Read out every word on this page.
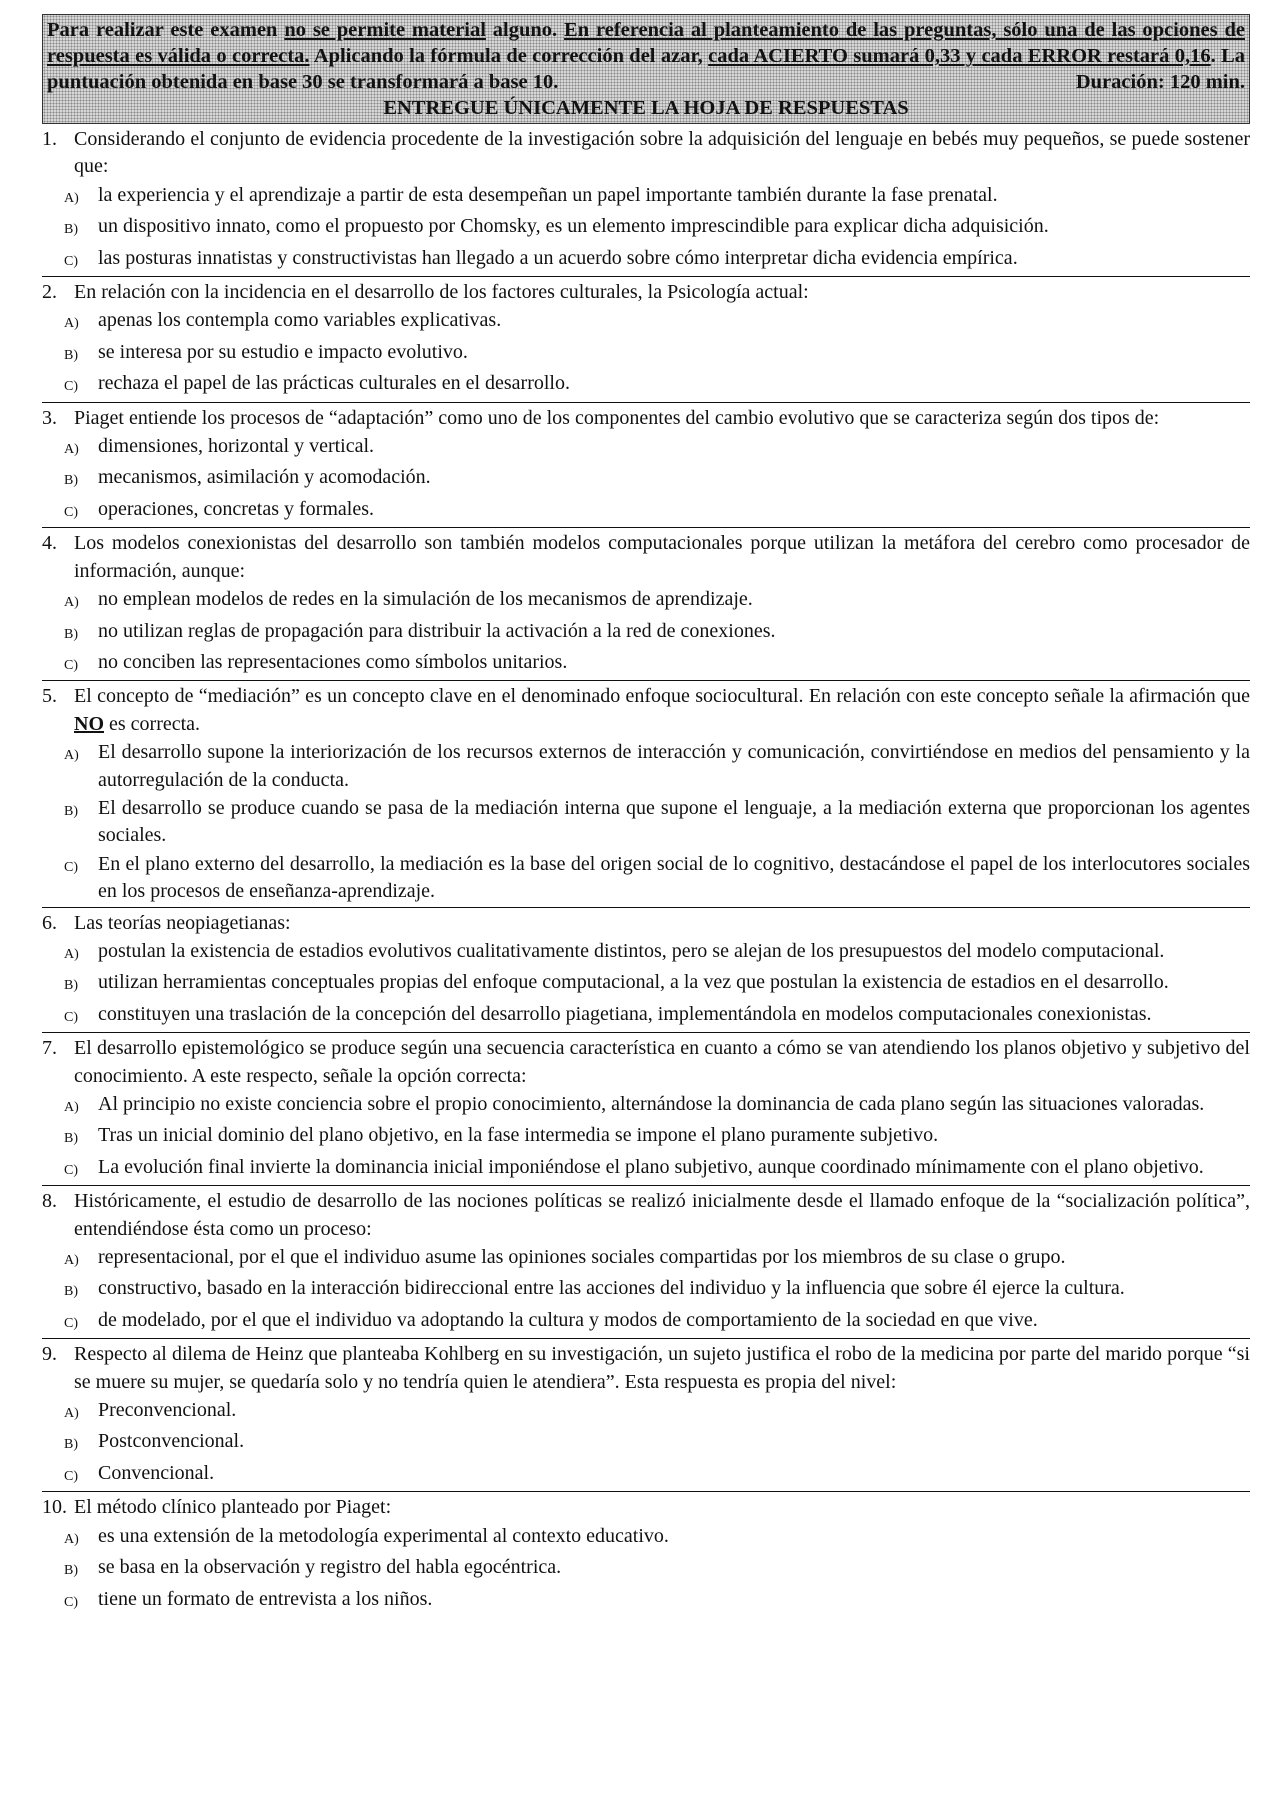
Para realizar este examen no se permite material alguno. En referencia al planteamiento de las preguntas, sólo una de las opciones de respuesta es válida o correcta. Aplicando la fórmula de corrección del azar, cada ACIERTO sumará 0,33 y cada ERROR restará 0,16. La puntuación obtenida en base 30 se transformará a base 10.	Duración: 120 min.
ENTREGUE ÚNICAMENTE LA HOJA DE RESPUESTAS
1. Considerando el conjunto de evidencia procedente de la investigación sobre la adquisición del lenguaje en bebés muy pequeños, se puede sostener que:
A) la experiencia y el aprendizaje a partir de esta desempeñan un papel importante también durante la fase prenatal.
B)	un dispositivo innato, como el propuesto por Chomsky, es un elemento imprescindible para explicar dicha adquisición.
C)	las posturas innatistas y constructivistas han llegado a un acuerdo sobre cómo interpretar dicha evidencia empírica.
2. En relación con la incidencia en el desarrollo de los factores culturales, la Psicología actual:
A) apenas los contempla como variables explicativas.
B)	se interesa por su estudio e impacto evolutivo.
C)	rechaza el papel de las prácticas culturales en el desarrollo.
3. Piaget entiende los procesos de “adaptación” como uno de los componentes del cambio evolutivo que se caracteriza según dos tipos de:
A) dimensiones, horizontal y vertical.
B)	mecanismos, asimilación y acomodación.
C)	operaciones, concretas y formales.
4. Los modelos conexionistas del desarrollo son también modelos computacionales porque utilizan la metáfora del cerebro como procesador de información, aunque:
A) no emplean modelos de redes en la simulación de los mecanismos de aprendizaje.
B)	no utilizan reglas de propagación para distribuir la activación a la red de conexiones.
C)	no conciben las representaciones como símbolos unitarios.
5. El concepto de “mediación” es un concepto clave en el denominado enfoque sociocultural. En relación con este concepto señale la afirmación que NO es correcta.
A) El desarrollo supone la interiorización de los recursos externos de interacción y comunicación, convirtiéndose en medios del pensamiento y la autorregulación de la conducta.
B)	El desarrollo se produce cuando se pasa de la mediación interna que supone el lenguaje, a la mediación externa que proporcionan los agentes sociales.
C)	En el plano externo del desarrollo, la mediación es la base del origen social de lo cognitivo, destacándose el papel de los interlocutores sociales en los procesos de enseñanza-aprendizaje.
6. Las teorías neopiagetianas:
A) postulan la existencia de estadios evolutivos cualitativamente distintos, pero se alejan de los presupuestos del modelo computacional.
B)	utilizan herramientas conceptuales propias del enfoque computacional, a la vez que postulan la existencia de estadios en el desarrollo.
C)	constituyen una traslación de la concepción del desarrollo piagetiana, implementándola en modelos computacionales conexionistas.
7. El desarrollo epistemológico se produce según una secuencia característica en cuanto a cómo se van atendiendo los planos objetivo y subjetivo del conocimiento. A este respecto, señale la opción correcta:
A) Al principio no existe conciencia sobre el propio conocimiento, alternándose la dominancia de cada plano según las situaciones valoradas.
B)	Tras un inicial dominio del plano objetivo, en la fase intermedia se impone el plano puramente subjetivo.
C)	La evolución final invierte la dominancia inicial imponiéndose el plano subjetivo, aunque coordinado mínimamente con el plano objetivo.
8. Históricamente, el estudio de desarrollo de las nociones políticas se realizó inicialmente desde el llamado enfoque de la “socialización política”, entendiéndose ésta como un proceso:
A) representacional, por el que el individuo asume las opiniones sociales compartidas por los miembros de su clase o grupo.
B)	constructivo, basado en la interacción bidireccional entre las acciones del individuo y la influencia que sobre él ejerce la cultura.
C)	de modelado, por el que el individuo va adoptando la cultura y modos de comportamiento de la sociedad en que vive.
9. Respecto al dilema de Heinz que planteaba Kohlberg en su investigación, un sujeto justifica el robo de la medicina por parte del marido porque “si se muere su mujer, se quedaría solo y no tendría quien le atendiera”. Esta respuesta es propia del nivel:
A) Preconvencional.
B)	Postconvencional.
C)	Convencional.
10. El método clínico planteado por Piaget:
A) es una extensión de la metodología experimental al contexto educativo.
B)	se basa en la observación y registro del habla egocéntrica.
C)	tiene un formato de entrevista a los niños.
